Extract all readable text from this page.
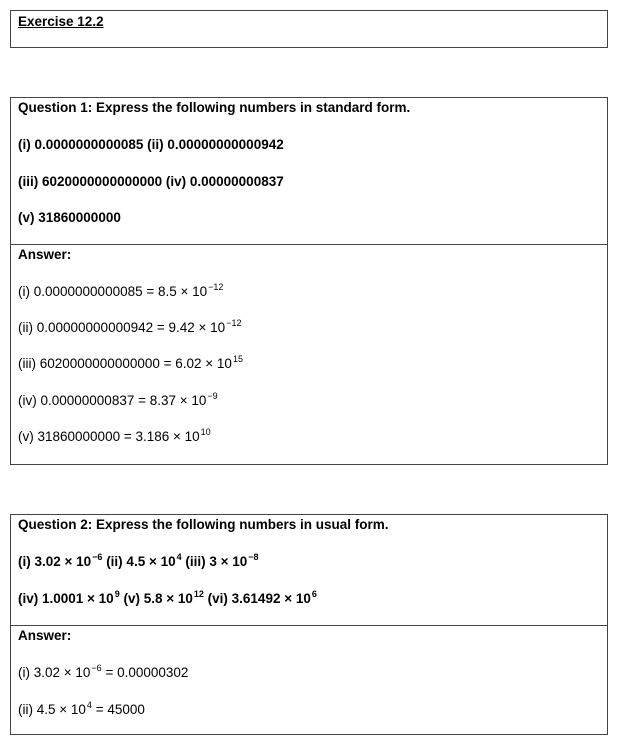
Exercise 12.2
Question 1: Express the following numbers in standard form.
(i) 0.0000000000085 (ii) 0.00000000000942
(iii) 6020000000000000 (iv) 0.00000000837
(v) 31860000000
Answer:
(i) $0.0000000000085 = 8.5 \times 10^{-12}$
(ii) $0.00000000000942 = 9.42 \times 10^{-12}$
(iii) $6020000000000000 = 6.02 \times 10^{15}$
(iv) $0.00000000837 = 8.37 \times 10^{-9}$
(v) $31860000000 = 3.186 \times 10^{10}$
Question 2: Express the following numbers in usual form.
(i) $3.02 \times 10^{-6}$ (ii) $4.5 \times 10^4$ (iii) $3 \times 10^{-8}$
(iv) $1.0001 \times 10^9$ (v) $5.8 \times 10^{12}$ (vi) $3.61492 \times 10^6$
Answer:
(i) $3.02 \times 10^{-6} = 0.00000302$
(ii) $4.5 \times 10^4 = 45000$
